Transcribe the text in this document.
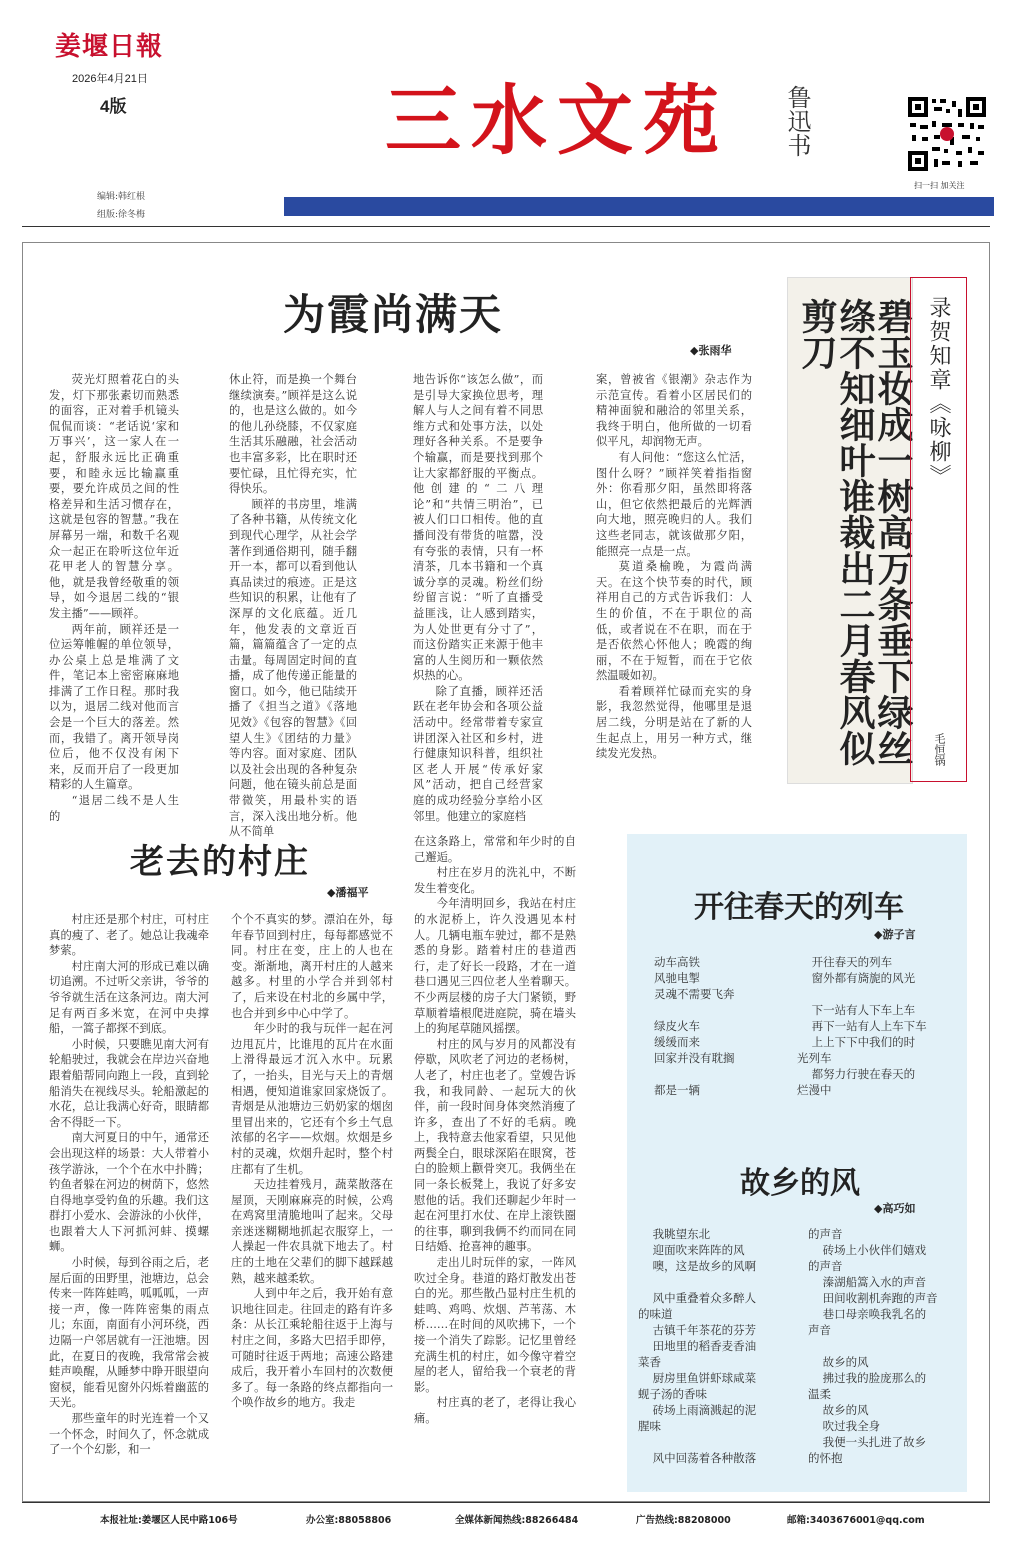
姜堰日報
2026年4月21日
4版	三水文苑 鲁迅书
扫一扫 加关注
编辑:韩红根
组版:徐冬梅
为霞尚满天
◆张雨华

荧光灯照着花白的头发，灯下那张素切而熟悉的面容，正对着手机镜头侃侃而谈：“老话说‘家和万事兴’，这一家人在一起，舒服永远比正确重要，和睦永远比输赢重要，要允许成员之间的性格差异和生活习惯存在，这就是包容的智慧。”我在屏幕另一端，和数千名观众一起正在聆听这位年近花甲老人的智慧分享。他，就是我曾经敬重的领导，如今退居二线的“银发主播”——顾祥。

两年前，顾祥还是一位运筹帷幄的单位领导，办公桌上总是堆满了文件，笔记本上密密麻麻地排满了工作日程。那时我以为，退居二线对他而言会是一个巨大的落差。然而，我错了。离开领导岗位后，他不仅没有闲下来，反而开启了一段更加精彩的人生篇章。

“退居二线不是人生的

休止符，而是换一个舞台继续演奏。”顾祥是这么说的，也是这么做的。如今的他儿孙绕膝，不仅家庭生活其乐融融，社会活动也丰富多彩，比在职时还要忙碌，且忙得充实，忙得快乐。

顾祥的书房里，堆满了各种书籍，从传统文化到现代心理学，从社会学著作到通俗期刊，随手翻开一本，都可以看到他认真品读过的痕迹。正是这些知识的积累，让他有了深厚的文化底蕴。近几年，他发表的文章近百篇，篇篇蕴含了一定的点击量。每周固定时间的直播，成了他传递正能量的窗口。如今，他已陆续开播了《担当之道》《落地见效》《包容的智慧》《回望人生》《团结的力量》等内容。面对家庭、团队以及社会出现的各种复杂问题，他在镜头前总是面带微笑，用最朴实的语言，深入浅出地分析。他从不简单

地告诉你“该怎么做”，而是引导大家换位思考，理解人与人之间有着不同思维方式和处事方法，以处理好各种关系。不是要争个输赢，而是要找到那个让大家都舒服的平衡点。他创建的“二八理论”和“共情三明治”，已被人们口口相传。他的直播间没有带货的喧嚣，没有夸张的表情，只有一杯清茶，几本书籍和一个真诚分享的灵魂。粉丝们纷纷留言说：“听了直播受益匪浅，让人感到踏实，为人处世更有分寸了”，而这份踏实正来源于他丰富的人生阅历和一颗依然炽热的心。

除了直播，顾祥还活跃在老年协会和各项公益活动中。经常带着专家宣讲团深入社区和乡村，进行健康知识科普，组织社区老人开展“传承好家风”活动，把自己经营家庭的成功经验分享给小区邻里。他建立的家庭档

案，曾被省《银潮》杂志作为示范宣传。看着小区居民们的精神面貌和融洽的邻里关系，我终于明白，他所做的一切看似平凡，却润物无声。

有人问他：“您这么忙活，图什么呀？”顾祥笑着指指窗外：你看那夕阳，虽然即将落山，但它依然把最后的光辉洒向大地，照亮晚归的人。我们这些老同志，就该做那夕阳，能照亮一点是一点。

莫道桑榆晚，为霞尚满天。在这个快节奏的时代，顾祥用自己的方式告诉我们：人生的价值，不在于职位的高低，或者说在不在职，而在于是否依然心怀他人；晚霞的绚丽，不在于短暂，而在于它依然温暖如初。

看着顾祥忙碌而充实的身影，我忽然觉得，他哪里是退居二线，分明是站在了新的人生起点上，用另一种方式，继续发光发热。	碧玉妆成一树高万条垂下绿丝绦不知细叶谁裁出二月春风似剪刀	录贺知章《咏柳》
毛恒锅
老去的村庄
◆潘福平

村庄还是那个村庄，可村庄真的瘦了、老了。她总让我魂牵梦萦。

村庄南大河的形成已难以确切追溯。不过听父亲讲，爷爷的爷爷就生活在这条河边。南大河足有两百多米宽，在河中央撑船，一篙子都探不到底。

小时候，只要瞧见南大河有轮船驶过，我就会在岸边兴奋地跟着船帮同向跑上一段，直到轮船消失在视线尽头。轮船激起的水花，总让我满心好奇，眼睛都舍不得眨一下。

南大河夏日的中午，通常还会出现这样的场景：大人带着小孩学游泳，一个个在水中扑腾；钓鱼者躲在河边的树荫下，悠然自得地享受钓鱼的乐趣。我们这群打小爱水、会游泳的小伙伴，也跟着大人下河抓河蚌、摸螺蛳。

小时候，每到谷雨之后，老屋后面的田野里，池塘边，总会传来一阵阵蛙鸣，呱呱呱，一声接一声，像一阵阵密集的雨点儿；东面，南面有小河环绕，西边隔一户邻居就有一汪池塘。因此，在夏日的夜晚，我常常会被蛙声唤醒，从睡梦中睁开眼望向窗棂，能看见窗外闪烁着幽蓝的天光。

那些童年的时光连着一个又一个怀念，时间久了，怀念就成了一个个幻影，和一

个个不真实的梦。漂泊在外，每年春节回到村庄，每每都感觉不同。村庄在变，庄上的人也在变。渐渐地，离开村庄的人越来越多。村里的小学合并到邻村了，后来设在村北的乡属中学，也合并到乡中心中学了。

年少时的我与玩伴一起在河边甩瓦片，比谁甩的瓦片在水面上滑得最远才沉入水中。玩累了，一抬头，目光与天上的青烟相遇，便知道谁家回家烧饭了。青烟是从池塘边三奶奶家的烟囱里冒出来的，它还有个乡土气息浓郁的名字——炊烟。炊烟是乡村的灵魂，炊烟升起时，整个村庄都有了生机。

天边挂着残月，蔬菜散落在屋顶，天刚麻麻亮的时候，公鸡在鸡窝里清脆地叫了起来。父母亲迷迷糊糊地抓起衣服穿上，一人操起一件农具就下地去了。村庄的土地在父辈们的脚下越踩越熟，越来越柔软。

人到中年之后，我开始有意识地往回走。往回走的路有许多条：从长江乘轮船往返于上海与村庄之间，多路大巴招手即停，可随时往返于两地；高速公路建成后，我开着小车回村的次数便多了。每一条路的终点都指向一个唤作故乡的地方。我走

在这条路上，常常和年少时的自己邂逅。

村庄在岁月的洗礼中，不断发生着变化。

今年清明回乡，我站在村庄的水泥桥上，许久没遇见本村人。几辆电瓶车驶过，都不是熟悉的身影。踏着村庄的巷道西行，走了好长一段路，才在一道巷口遇见三四位老人坐着聊天。不少两层楼的房子大门紧锁，野草顺着墙根爬进庭院，骑在墙头上的狗尾草随风摇摆。

村庄的风与岁月的风都没有停歇，风吹老了河边的老杨树，人老了，村庄也老了。堂嫂告诉我，和我同龄、一起玩大的伙伴，前一段时间身体突然消瘦了许多，查出了不好的毛病。晚上，我特意去他家看望，只见他两鬓全白，眼球深陷在眼窝，苍白的脸颊上颧骨突兀。我俩坐在同一条长板凳上，我说了好多安慰他的话。我们还聊起少年时一起在河里打水仗、在岸上滚铁圈的往事，聊到我俩不约而同在同日结婚、抢喜神的趣事。

走出儿时玩伴的家，一阵风吹过全身。巷道的路灯散发出苍白的光。那些散凸显村庄生机的蛙鸣、鸡鸣、炊烟、芦苇荡、木桥……在时间的风吹拂下，一个接一个消失了踪影。记忆里曾经充满生机的村庄，如今像守着空屋的老人，留给我一个衰老的背影。

村庄真的老了，老得让我心痛。

开往春天的列车
◆游子言
动车高铁
风驰电掣
灵魂不需要飞奔

绿皮火车
缓缓而来
回家并没有耽搁

都是一辆
开往春天的列车
窗外都有旖旎的风光

下一站有人下车上车
再下一站有人上车下车
上上下下中我们的时
光列车
都努力行驶在春天的
烂漫中
故乡的风
◆高巧如
我眺望东北
迎面吹来阵阵的风
噢，这是故乡的风啊

风中重叠着众多醉人
的味道
古镇千年茶花的芬芳
田地里的稻香麦香油
菜香
厨房里鱼饼虾球咸菜
蚬子汤的香味
砖场上雨滴溅起的泥
腥味

风中回荡着各种散落
的声音
砖场上小伙伴们嬉戏
的声音
溱湖船篙入水的声音
田间收割机奔跑的声音
巷口母亲唤我乳名的
声音

故乡的风
拂过我的脸庞那么的
温柔
故乡的风
吹过我全身
我便一头扎进了故乡
的怀抱
本报社址:姜堰区人民中路106号	办公室:88058806	全媒体新闻热线:88266484	广告热线:88208000	邮箱:3403676001@qq.com
